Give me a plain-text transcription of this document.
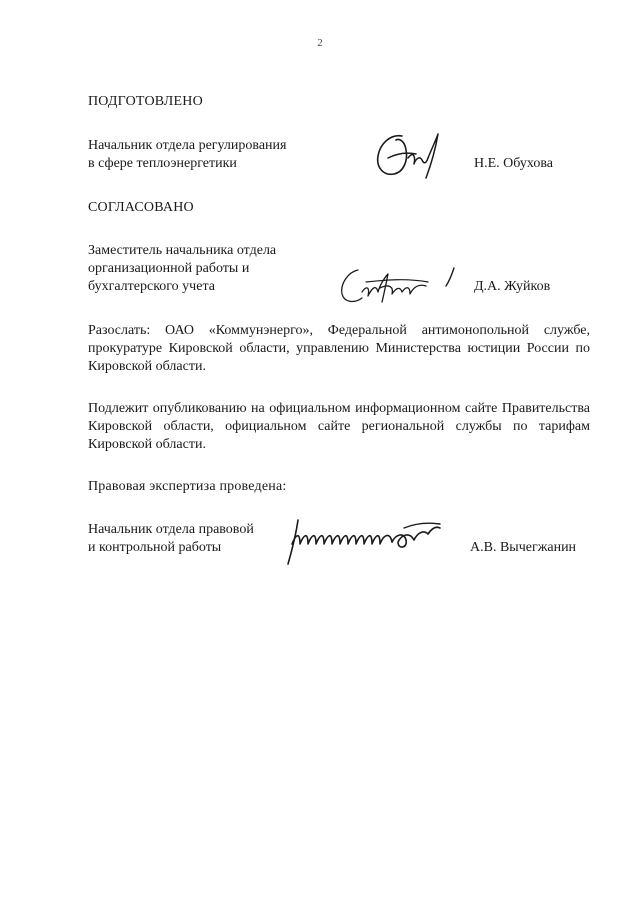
2
ПОДГОТОВЛЕНО
Начальник отдела регулирования
в сфере теплоэнергетики	Н.Е. Обухова
СОГЛАСОВАНО
Заместитель начальника отдела
организационной работы и
бухгалтерского учета	Д.А. Жуйков
Разослать: ОАО «Коммунэнерго», Федеральной антимонопольной службе, прокуратуре Кировской области, управлению Министерства юстиции России по Кировской области.
Подлежит опубликованию на официальном информационном сайте Правительства Кировской области, официальном сайте региональной службы по тарифам Кировской области.
Правовая экспертиза проведена:
Начальник отдела правовой
и контрольной работы	А.В. Вычегжанин
